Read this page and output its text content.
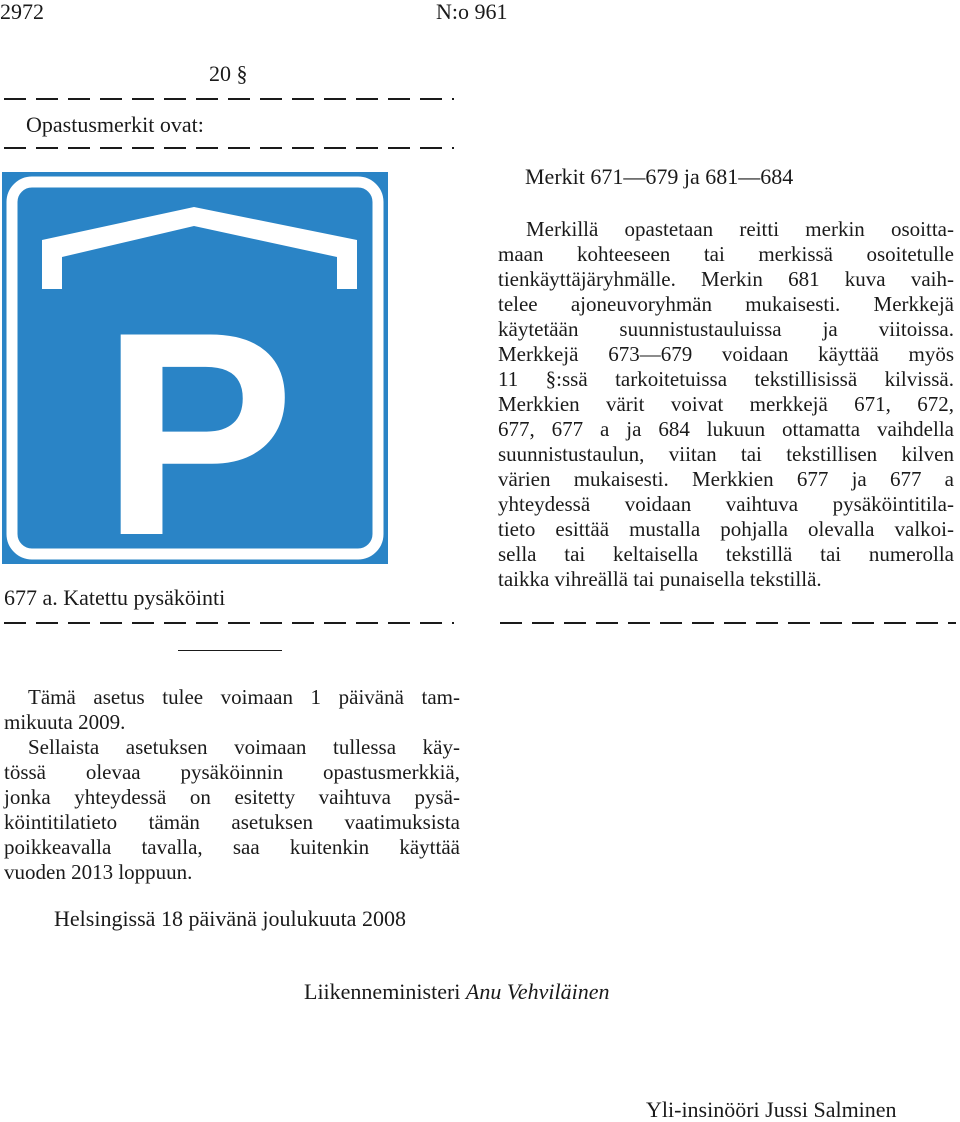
2972	N:o 961
20 §
Opastusmerkit ovat:
P
677 a. Katettu pysäköinti
Merkit 671—679 ja 681—684
Merkillä opastetaan reitti merkin osoitta-
maan kohteeseen tai merkissä osoitetulle
tienkäyttäjäryhmälle. Merkin 681 kuva vaih-
telee ajoneuvoryhmän mukaisesti. Merkkejä
käytetään suunnistustauluissa ja viitoissa.
Merkkejä 673—679 voidaan käyttää myös
11 §:ssä tarkoitetuissa tekstillisissä kilvissä.
Merkkien värit voivat merkkejä 671, 672,
677, 677 a ja 684 lukuun ottamatta vaihdella
suunnistustaulun, viitan tai tekstillisen kilven
värien mukaisesti. Merkkien 677 ja 677 a
yhteydessä voidaan vaihtuva pysäköintitila-
tieto esittää mustalla pohjalla olevalla valkoi-
sella tai keltaisella tekstillä tai numerolla
taikka vihreällä tai punaisella tekstillä.
Tämä asetus tulee voimaan 1 päivänä tam-
mikuuta 2009.
Sellaista asetuksen voimaan tullessa käy-
tössä olevaa pysäköinnin opastusmerkkiä,
jonka yhteydessä on esitetty vaihtuva pysä-
köintitilatieto tämän asetuksen vaatimuksista
poikkeavalla tavalla, saa kuitenkin käyttää
vuoden 2013 loppuun.
Helsingissä 18 päivänä joulukuuta 2008
Liikenneministeri Anu Vehviläinen
Yli-insinööri Jussi Salminen
